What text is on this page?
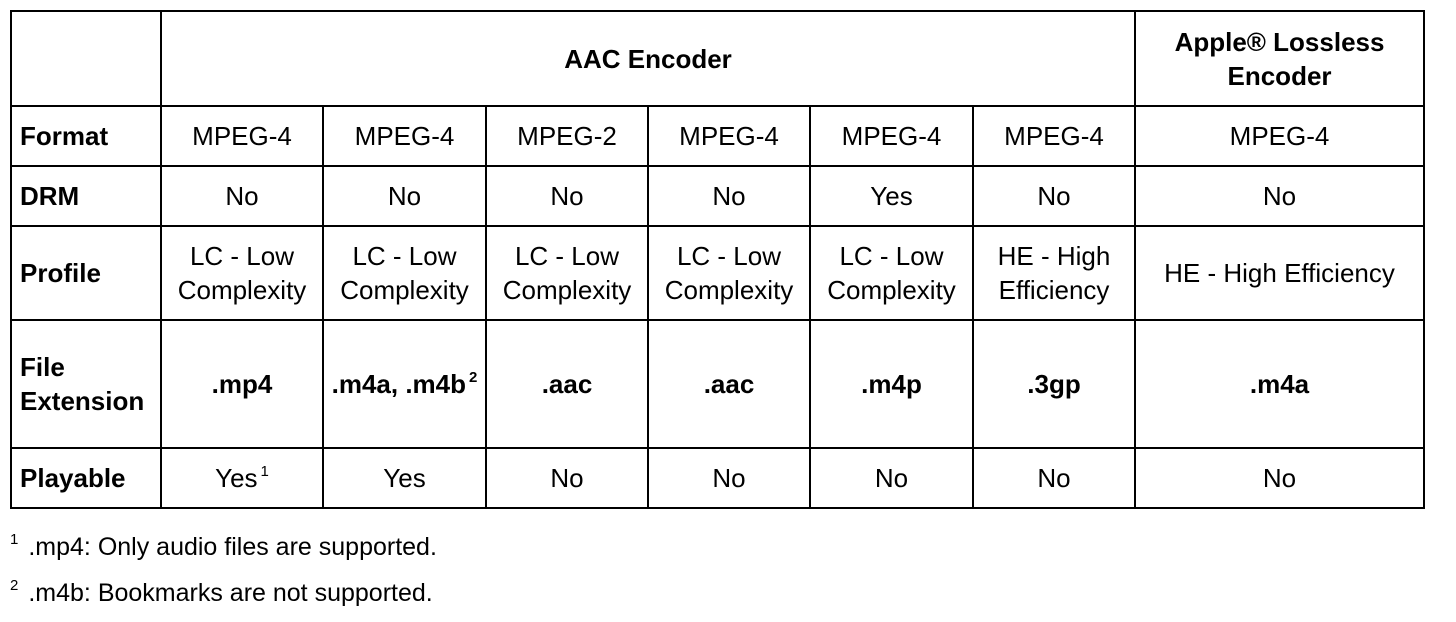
	AAC Encoder						Apple® Lossless Encoder
Format	MPEG-4	MPEG-4	MPEG-2	MPEG-4	MPEG-4	MPEG-4	MPEG-4
DRM	No	No	No	No	Yes	No	No
Profile	LC - Low Complexity	LC - Low Complexity	LC - Low Complexity	LC - Low Complexity	LC - Low Complexity	HE - High Efficiency	HE - High Efficiency
File Extension	.mp4	.m4a, .m4b $^2$	.aac	.aac	.m4p	.3gp	.m4a
Playable	Yes $^1$	Yes	No	No	No	No	No
$^1$ .mp4: Only audio files are supported.
$^2$ .m4b: Bookmarks are not supported.
